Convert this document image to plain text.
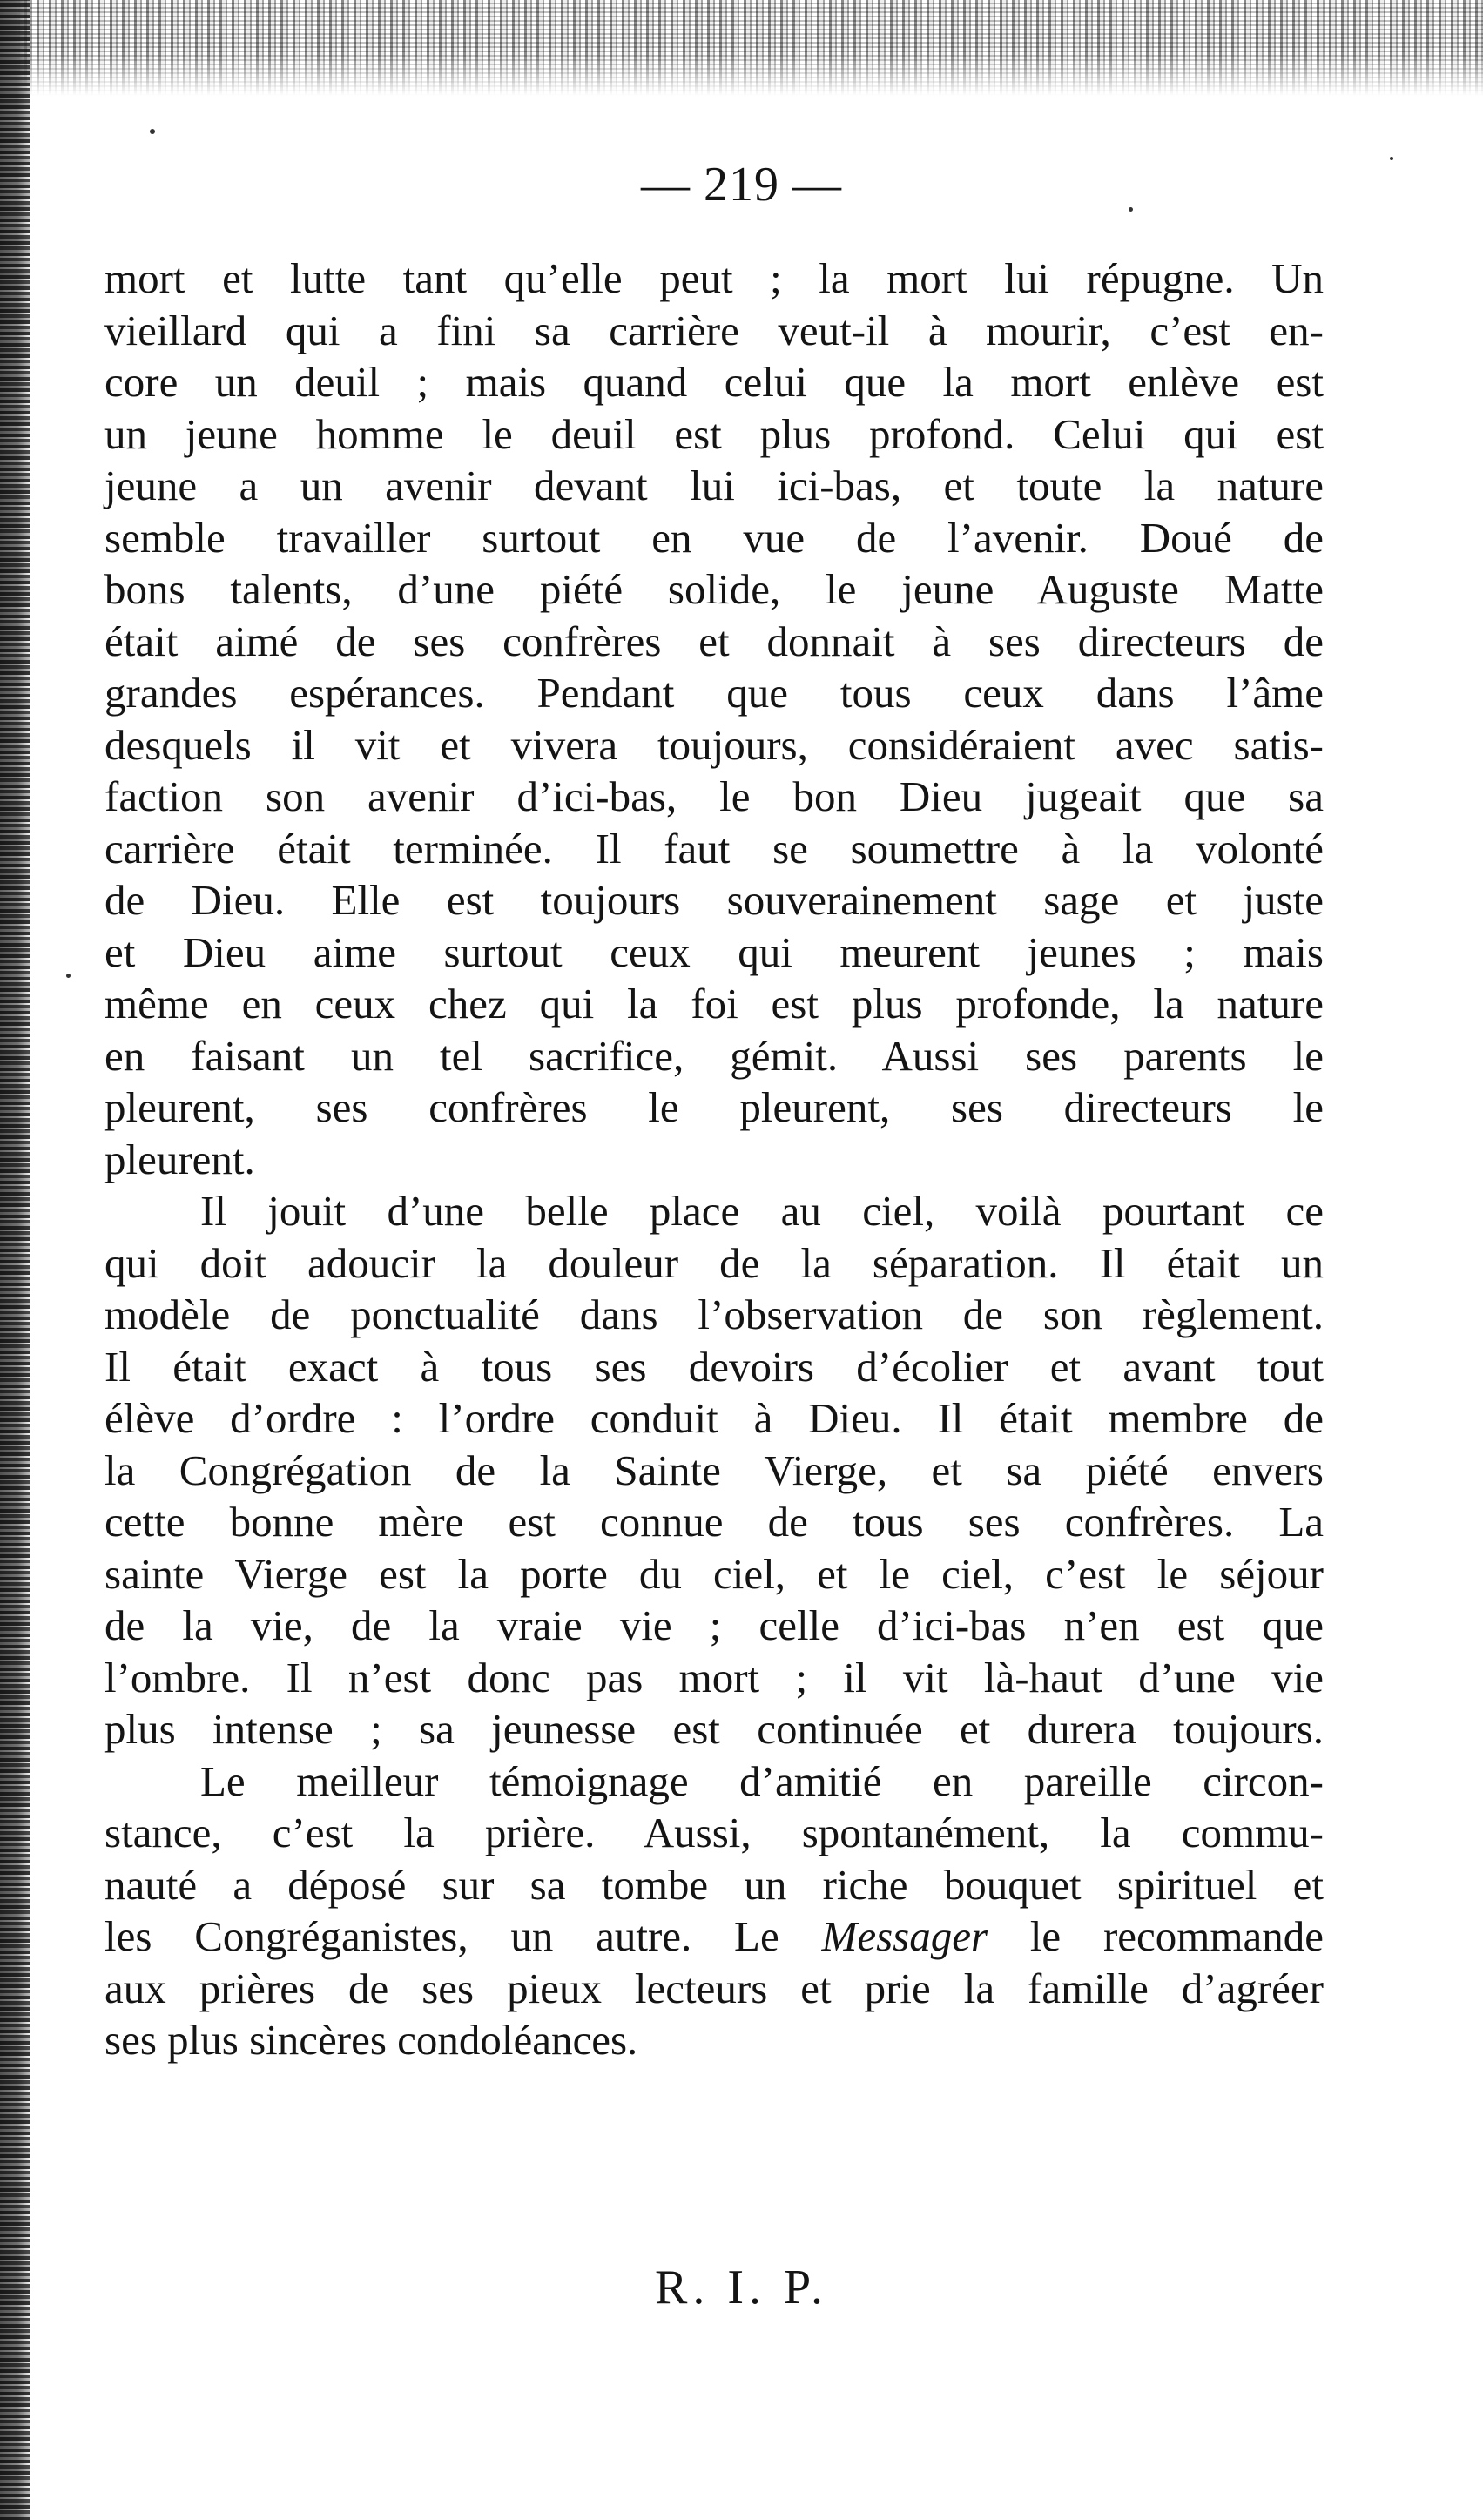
— 219 —
mort et lutte tant qu’elle peut ; la mort lui répugne. Un
vieillard qui a fini sa carrière veut-il à mourir, c’est en-
core un deuil ; mais quand celui que la mort enlève est
un jeune homme le deuil est plus profond. Celui qui est
jeune a un avenir devant lui ici-bas, et toute la nature
semble travailler surtout en vue de l’avenir. Doué de
bons talents, d’une piété solide, le jeune Auguste Matte
était aimé de ses confrères et donnait à ses directeurs de
grandes espérances. Pendant que tous ceux dans l’âme
desquels il vit et vivera toujours, considéraient avec satis-
faction son avenir d’ici-bas, le bon Dieu jugeait que sa
carrière était terminée. Il faut se soumettre à la volonté
de Dieu. Elle est toujours souverainement sage et juste
et Dieu aime surtout ceux qui meurent jeunes ; mais
même en ceux chez qui la foi est plus profonde, la nature
en faisant un tel sacrifice, gémit. Aussi ses parents le
pleurent, ses confrères le pleurent, ses directeurs le
pleurent.
Il jouit d’une belle place au ciel, voilà pourtant ce
qui doit adoucir la douleur de la séparation. Il était un
modèle de ponctualité dans l’observation de son règlement.
Il était exact à tous ses devoirs d’écolier et avant tout
élève d’ordre : l’ordre conduit à Dieu. Il était membre de
la Congrégation de la Sainte Vierge, et sa piété envers
cette bonne mère est connue de tous ses confrères. La
sainte Vierge est la porte du ciel, et le ciel, c’est le séjour
de la vie, de la vraie vie ; celle d’ici-bas n’en est que
l’ombre. Il n’est donc pas mort ; il vit là-haut d’une vie
plus intense ; sa jeunesse est continuée et durera toujours.
Le meilleur témoignage d’amitié en pareille circon-
stance, c’est la prière. Aussi, spontanément, la commu-
nauté a déposé sur sa tombe un riche bouquet spirituel et
les Congréganistes, un autre. Le Messager le recommande
aux prières de ses pieux lecteurs et prie la famille d’agréer
ses plus sincères condoléances.
R. I. P.
